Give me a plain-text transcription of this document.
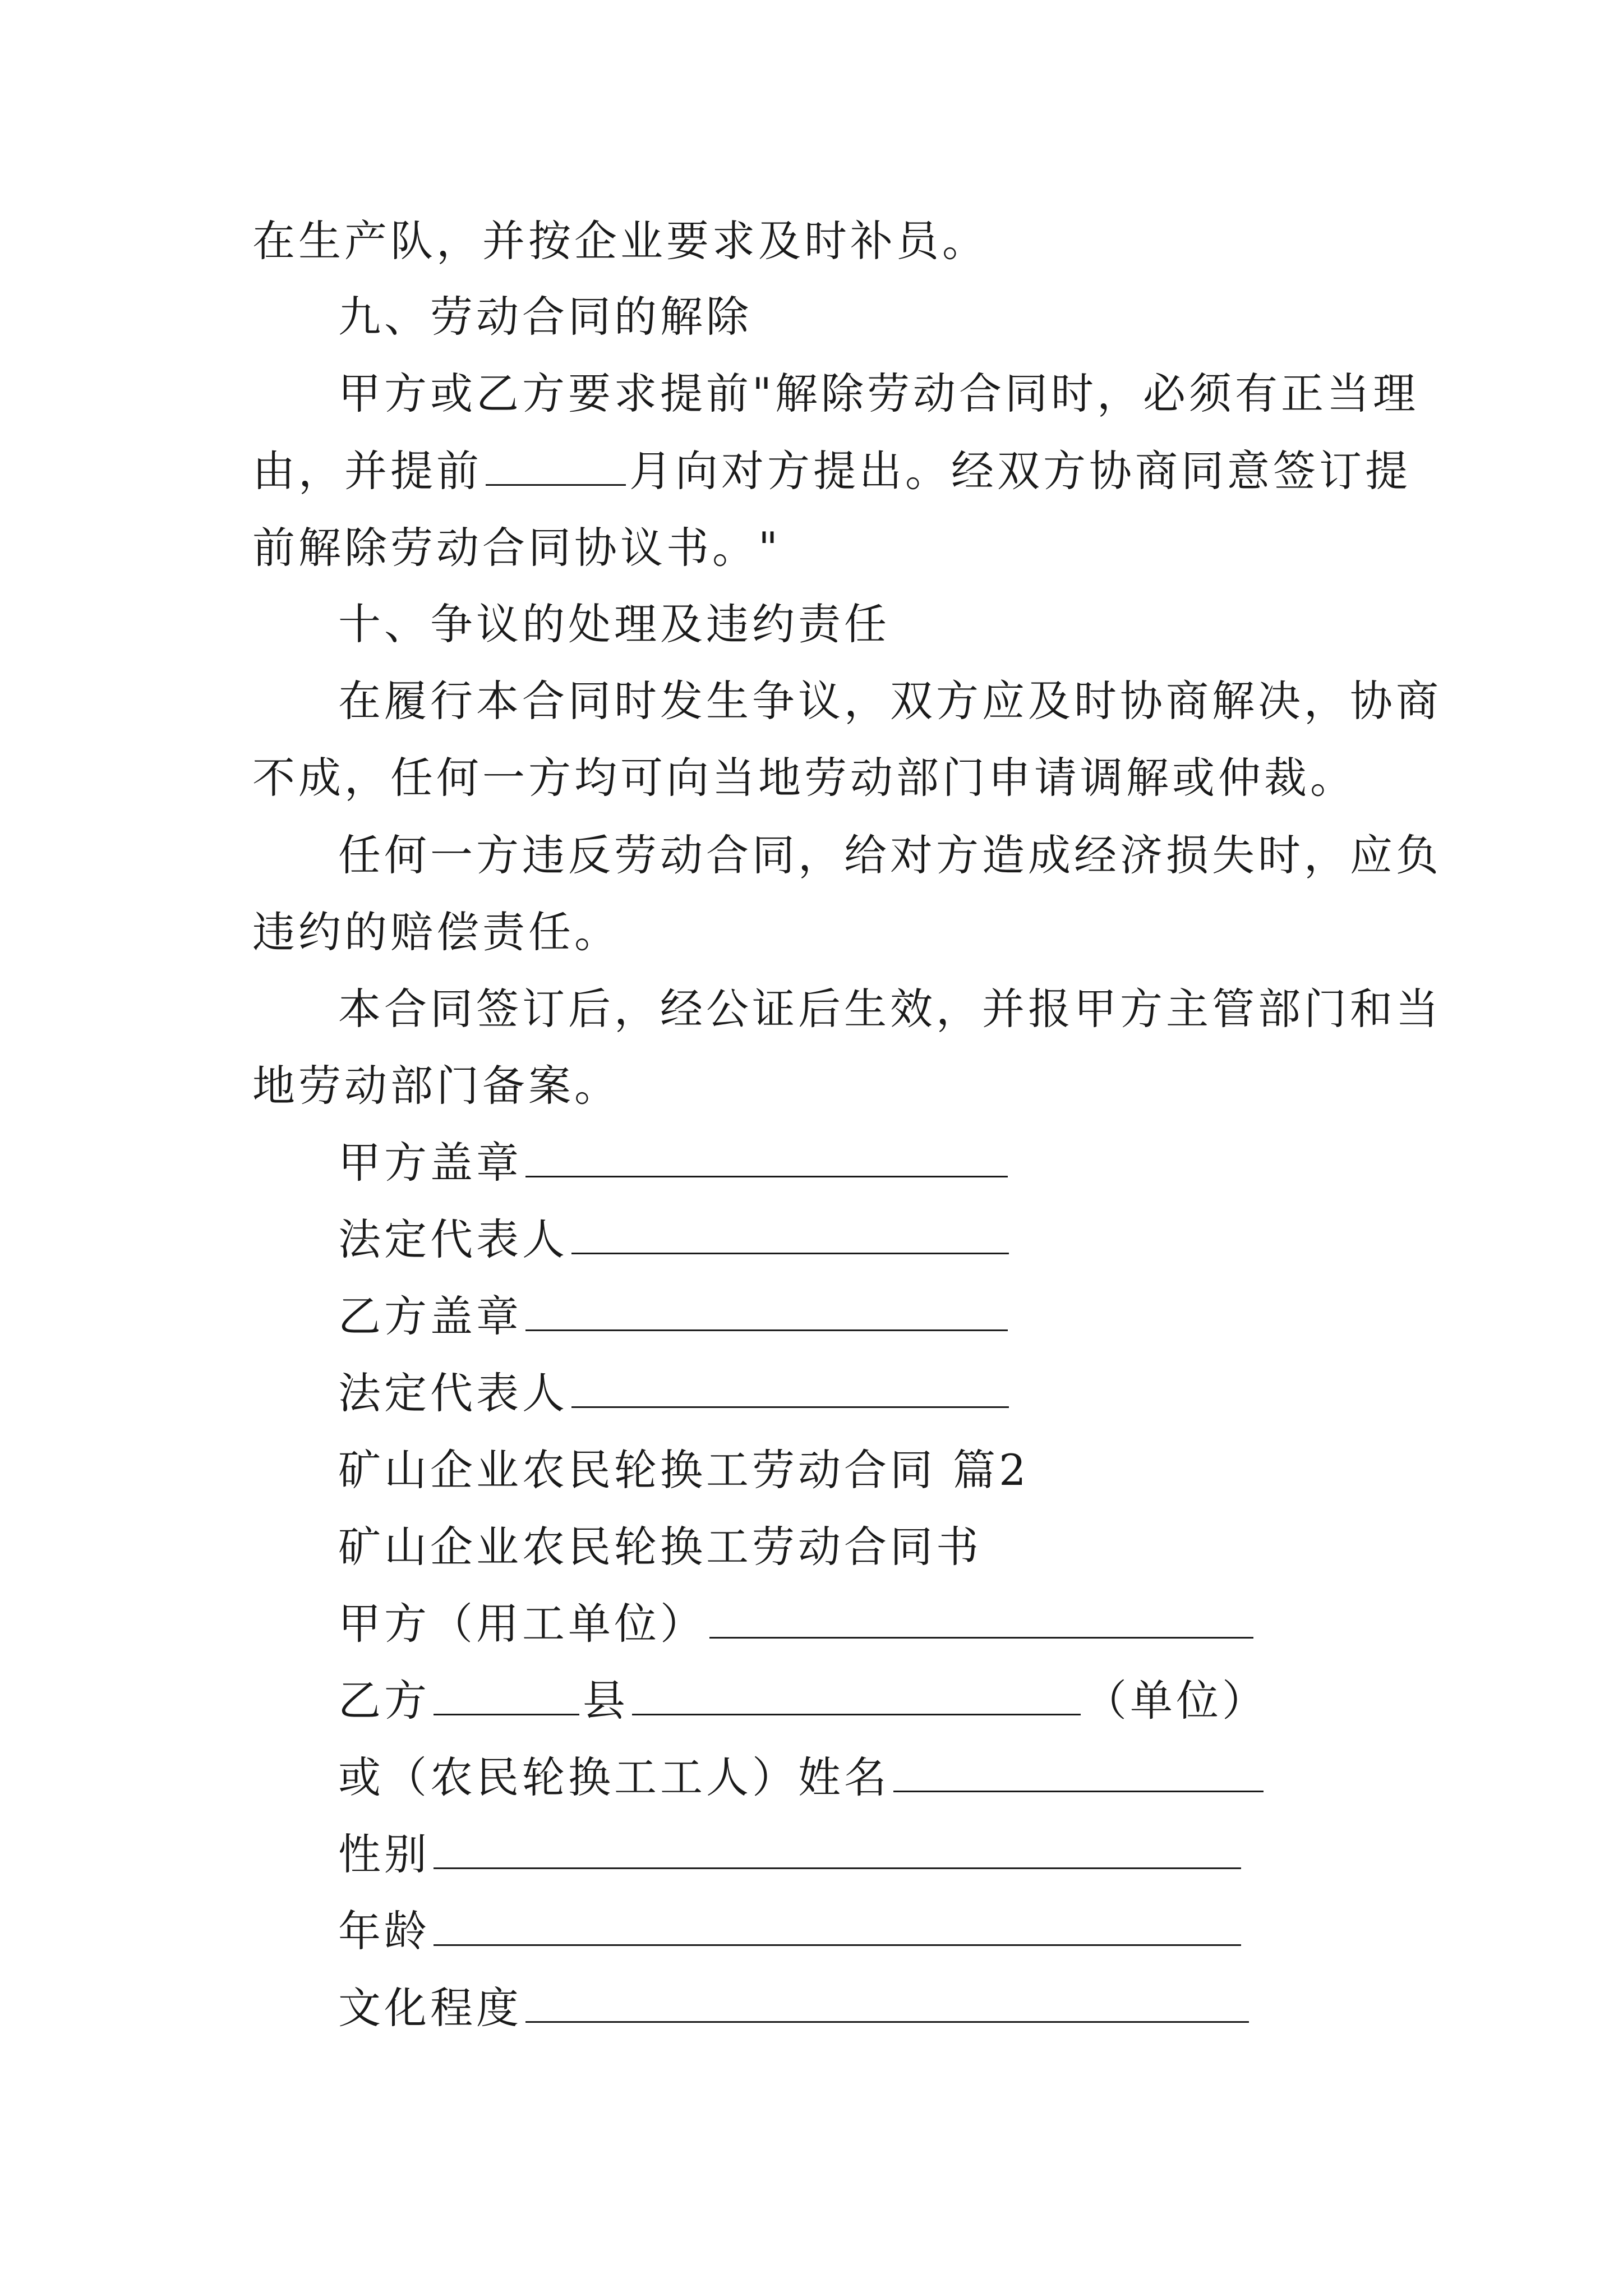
在生产队，并按企业要求及时补员。
九、劳动合同的解除
甲方或乙方要求提前"解除劳动合同时，必须有正当理
由，并提前	月向对方提出。经双方协商同意签订提
前解除劳动合同协议书。"
十、争议的处理及违约责任
在履行本合同时发生争议，双方应及时协商解决，协商
不成，任何一方均可向当地劳动部门申请调解或仲裁。
任何一方违反劳动合同，给对方造成经济损失时，应负
违约的赔偿责任。
本合同签订后，经公证后生效，并报甲方主管部门和当
地劳动部门备案。
甲方盖章
法定代表人
乙方盖章
法定代表人
矿山企业农民轮换工劳动合同 篇2
矿山企业农民轮换工劳动合同书
甲方（用工单位）
乙方	县	（单位）
或（农民轮换工工人）姓名
性别
年龄
文化程度
